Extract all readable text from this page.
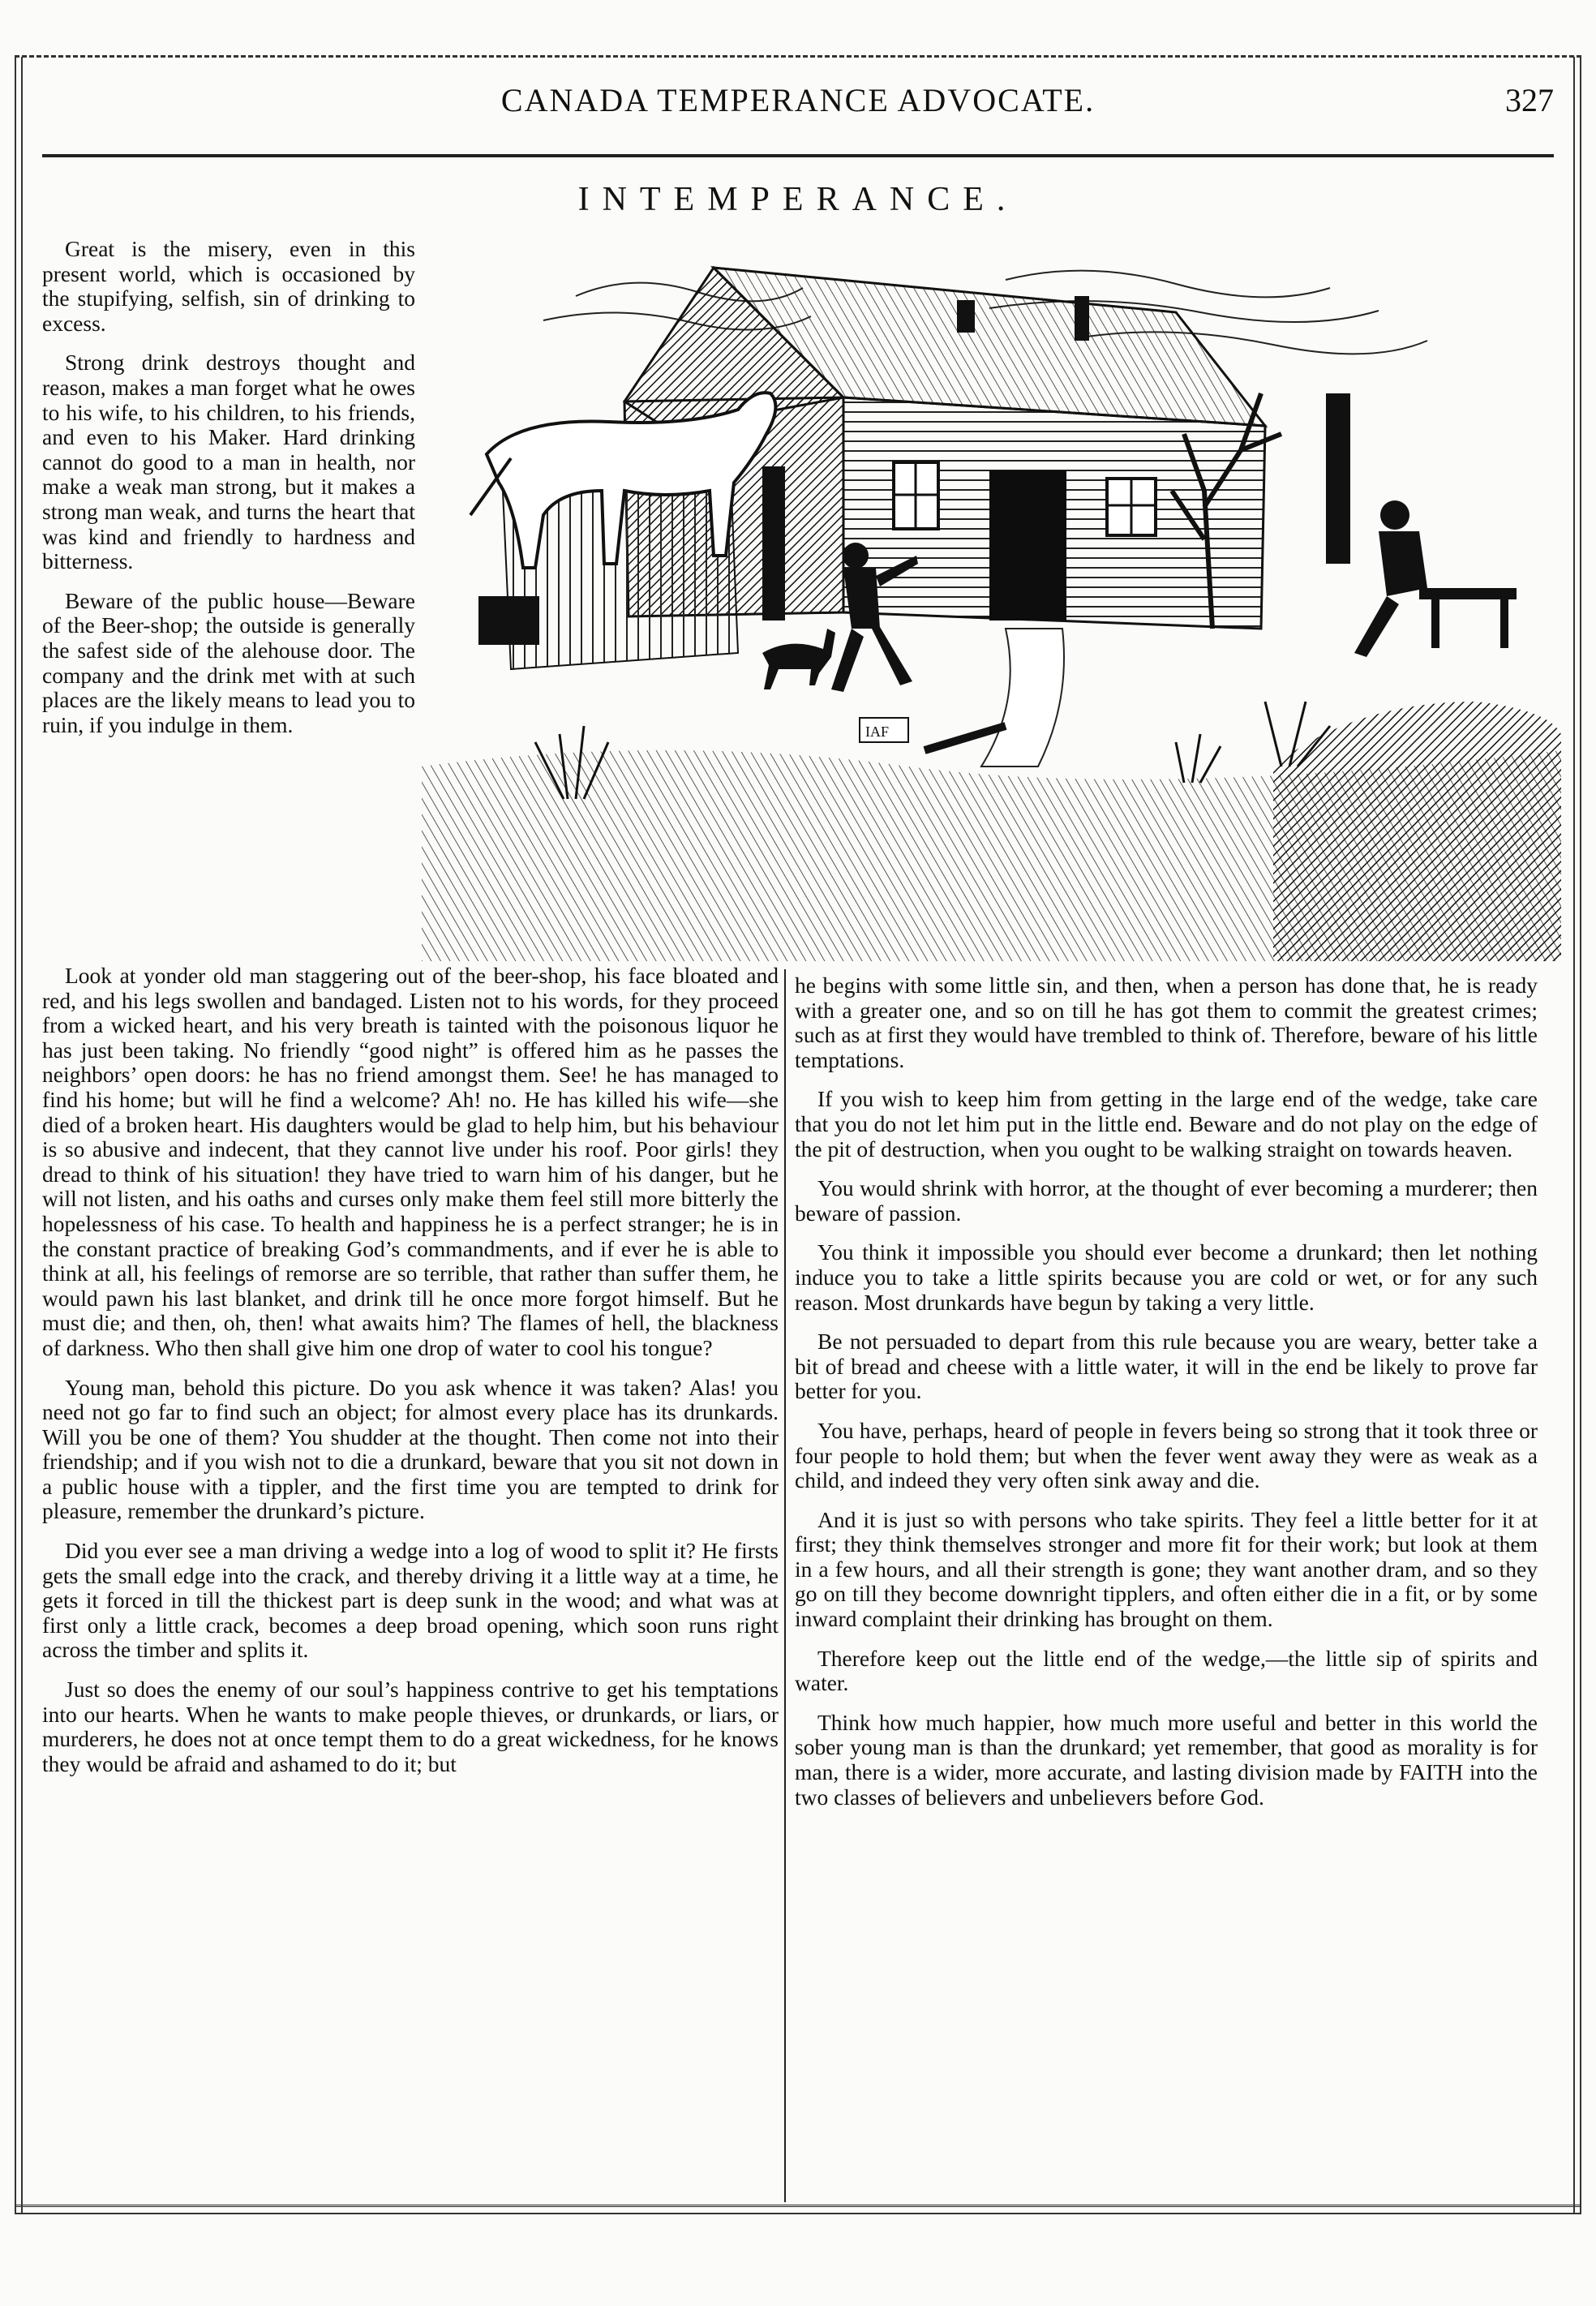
CANADA TEMPERANCE ADVOCATE.	327
INTEMPERANCE.

Great is the misery, even in this present world, which is occasioned by the stupifying, selfish, sin of drinking to excess.

Strong drink destroys thought and reason, makes a man forget what he owes to his wife, to his children, to his friends, and even to his Maker. Hard drinking cannot do good to a man in health, nor make a weak man strong, but it makes a strong man weak, and turns the heart that was kind and friendly to hardness and bitterness.

Beware of the public house—Beware of the Beer-shop; the outside is generally the safest side of the alehouse door. The company and the drink met with at such places are the likely means to lead you to ruin, if you indulge in them.	IAF

Look at yonder old man staggering out of the beer-shop, his face bloated and red, and his legs swollen and bandaged. Listen not to his words, for they proceed from a wicked heart, and his very breath is tainted with the poisonous liquor he has just been taking. No friendly “good night” is offered him as he passes the neighbors’ open doors: he has no friend amongst them. See! he has managed to find his home; but will he find a welcome? Ah! no. He has killed his wife—she died of a broken heart. His daughters would be glad to help him, but his behaviour is so abusive and indecent, that they cannot live under his roof. Poor girls! they dread to think of his situation! they have tried to warn him of his danger, but he will not listen, and his oaths and curses only make them feel still more bitterly the hopelessness of his case. To health and happiness he is a perfect stranger; he is in the constant practice of breaking God’s commandments, and if ever he is able to think at all, his feelings of remorse are so terrible, that rather than suffer them, he would pawn his last blanket, and drink till he once more forgot himself. But he must die; and then, oh, then! what awaits him? The flames of hell, the blackness of darkness. Who then shall give him one drop of water to cool his tongue?

Young man, behold this picture. Do you ask whence it was taken? Alas! you need not go far to find such an object; for almost every place has its drunkards. Will you be one of them? You shudder at the thought. Then come not into their friendship; and if you wish not to die a drunkard, beware that you sit not down in a public house with a tippler, and the first time you are tempted to drink for pleasure, remember the drunkard’s picture.

Did you ever see a man driving a wedge into a log of wood to split it? He firsts gets the small edge into the crack, and thereby driving it a little way at a time, he gets it forced in till the thickest part is deep sunk in the wood; and what was at first only a little crack, becomes a deep broad opening, which soon runs right across the timber and splits it.

Just so does the enemy of our soul’s happiness contrive to get his temptations into our hearts. When he wants to make people thieves, or drunkards, or liars, or murderers, he does not at once tempt them to do a great wickedness, for he knows they would be afraid and ashamed to do it; but

he begins with some little sin, and then, when a person has done that, he is ready with a greater one, and so on till he has got them to commit the greatest crimes; such as at first they would have trembled to think of. Therefore, beware of his little temptations.

If you wish to keep him from getting in the large end of the wedge, take care that you do not let him put in the little end. Beware and do not play on the edge of the pit of destruction, when you ought to be walking straight on towards heaven.

You would shrink with horror, at the thought of ever becoming a murderer; then beware of passion.

You think it impossible you should ever become a drunkard; then let nothing induce you to take a little spirits because you are cold or wet, or for any such reason. Most drunkards have begun by taking a very little.

Be not persuaded to depart from this rule because you are weary, better take a bit of bread and cheese with a little water, it will in the end be likely to prove far better for you.

You have, perhaps, heard of people in fevers being so strong that it took three or four people to hold them; but when the fever went away they were as weak as a child, and indeed they very often sink away and die.

And it is just so with persons who take spirits. They feel a little better for it at first; they think themselves stronger and more fit for their work; but look at them in a few hours, and all their strength is gone; they want another dram, and so they go on till they become downright tipplers, and often either die in a fit, or by some inward complaint their drinking has brought on them.

Therefore keep out the little end of the wedge,—the little sip of spirits and water.

Think how much happier, how much more useful and better in this world the sober young man is than the drunkard; yet remember, that good as morality is for man, there is a wider, more accurate, and lasting division made by FAITH into the two classes of believers and unbelievers before God.
